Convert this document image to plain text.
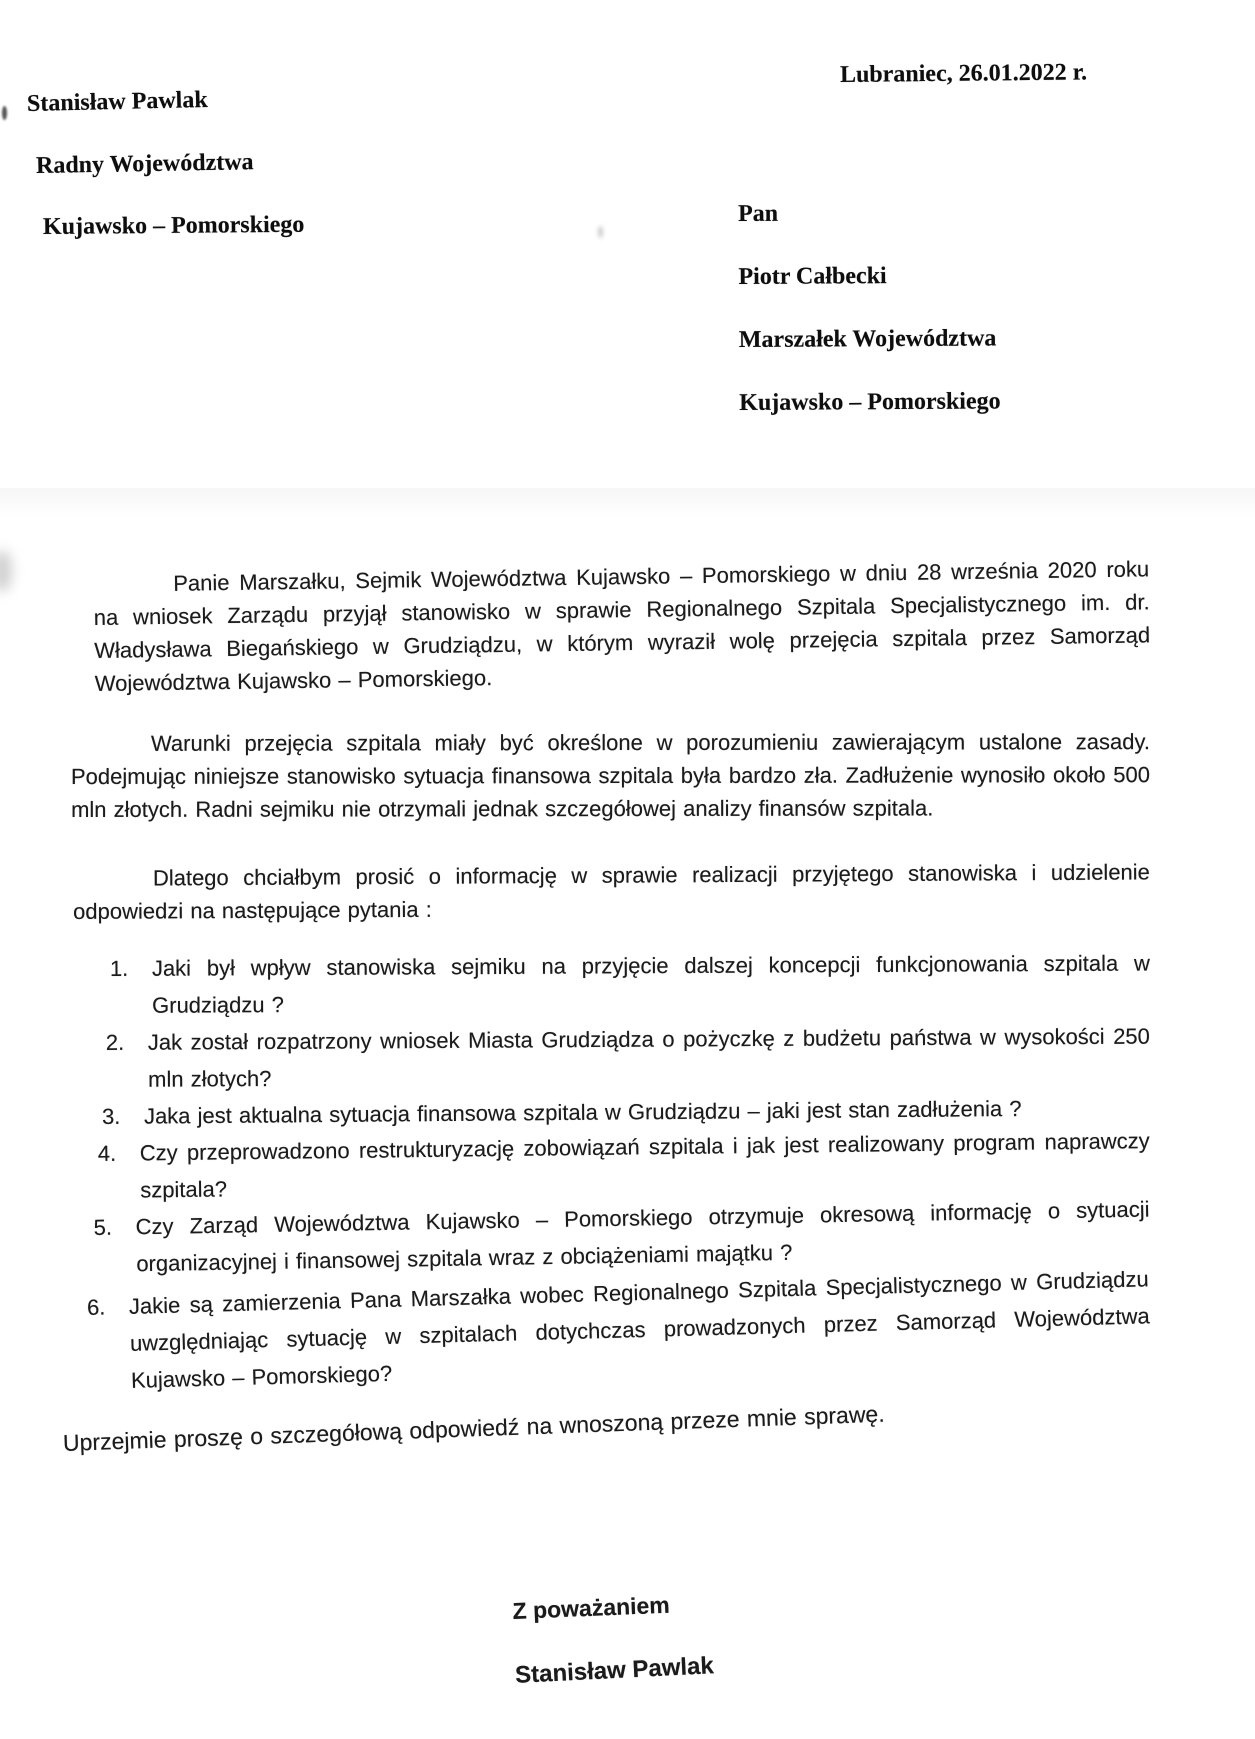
Stanisław Pawlak
Radny Województwa
Kujawsko – Pomorskiego
Lubraniec, 26.01.2022 r.
Pan
Piotr Całbecki
Marszałek Województwa
Kujawsko – Pomorskiego

Panie Marszałku, Sejmik Województwa Kujawsko – Pomorskiego w dniu 28 września 2020 roku na wniosek Zarządu przyjął stanowisko w sprawie Regionalnego Szpitala Specjalistycznego im. dr. Władysława Biegańskiego w Grudziądzu, w którym wyraził wolę przejęcia szpitala przez Samorząd Województwa Kujawsko – Pomorskiego.

Warunki przejęcia szpitala miały być określone w porozumieniu zawierającym ustalone zasady. Podejmując niniejsze stanowisko sytuacja finansowa szpitala była bardzo zła. Zadłużenie wynosiło około 500 mln złotych. Radni sejmiku nie otrzymali jednak szczegółowej analizy finansów szpitala.

Dlatego chciałbym prosić o informację w sprawie realizacji przyjętego stanowiska i udzielenie odpowiedzi na następujące pytania :

1.	Jaki był wpływ stanowiska sejmiku na przyjęcie dalszej koncepcji funkcjonowania szpitala w Grudziądzu ?
2.	Jak został rozpatrzony wniosek Miasta Grudziądza o pożyczkę z budżetu państwa w wysokości 250 mln złotych?
3.	Jaka jest aktualna sytuacja finansowa szpitala w Grudziądzu – jaki jest stan zadłużenia ?
4.	Czy przeprowadzono restrukturyzację zobowiązań szpitala i jak jest realizowany program naprawczy szpitala?
5.	Czy Zarząd Województwa Kujawsko – Pomorskiego otrzymuje okresową informację o sytuacji organizacyjnej i finansowej szpitala wraz z obciążeniami majątku ?
6.	Jakie są zamierzenia Pana Marszałka wobec Regionalnego Szpitala Specjalistycznego w Grudziądzu uwzględniając sytuację w szpitalach dotychczas prowadzonych przez Samorząd Województwa Kujawsko – Pomorskiego?

Uprzejmie proszę o szczegółową odpowiedź na wnoszoną przeze mnie sprawę.

Z poważaniem
Stanisław Pawlak
